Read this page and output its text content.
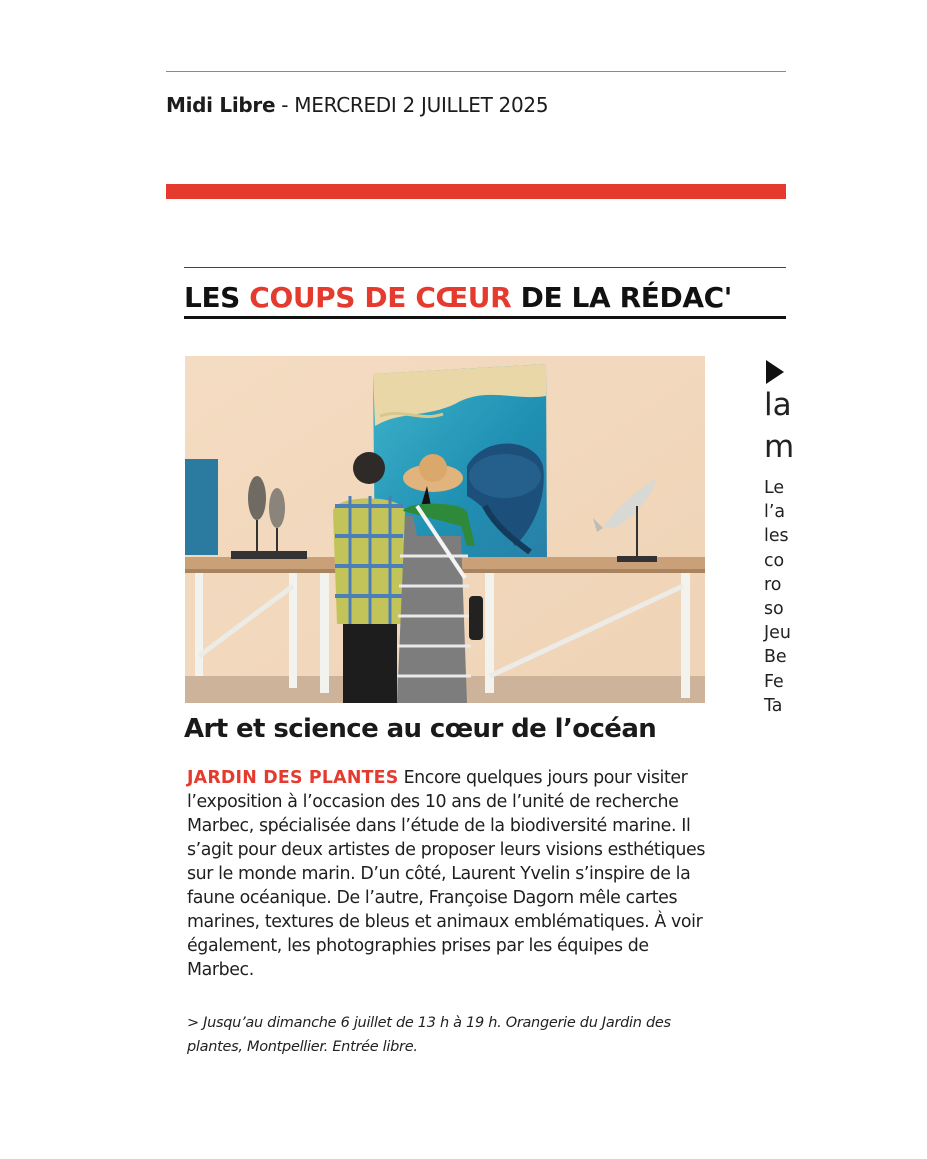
Midi Libre - MERCREDI 2 JUILLET 2025
LES COUPS DE CŒUR DE LA RÉDAC'
Art et science au cœur de l’océan
JARDIN DES PLANTES Encore quelques jours pour visiter l’exposition à l’occasion des 10 ans de l’unité de recherche Marbec, spécialisée dans l’étude de la biodiversité marine. Il s’agit pour deux artistes de proposer leurs visions esthétiques sur le monde marin. D’un côté, Laurent Yvelin s’inspire de la faune océanique. De l’autre, Françoise Dagorn mêle cartes marines, textures de bleus et animaux emblématiques. À voir également, les photographies prises par les équipes de Marbec.
> Jusqu’au dimanche 6 juillet de 13 h à 19 h. Orangerie du Jardin des plantes, Montpellier. Entrée libre.
la
m
Le
l’a
les
co
ro
so
Jeu
Be
Fe
Ta
